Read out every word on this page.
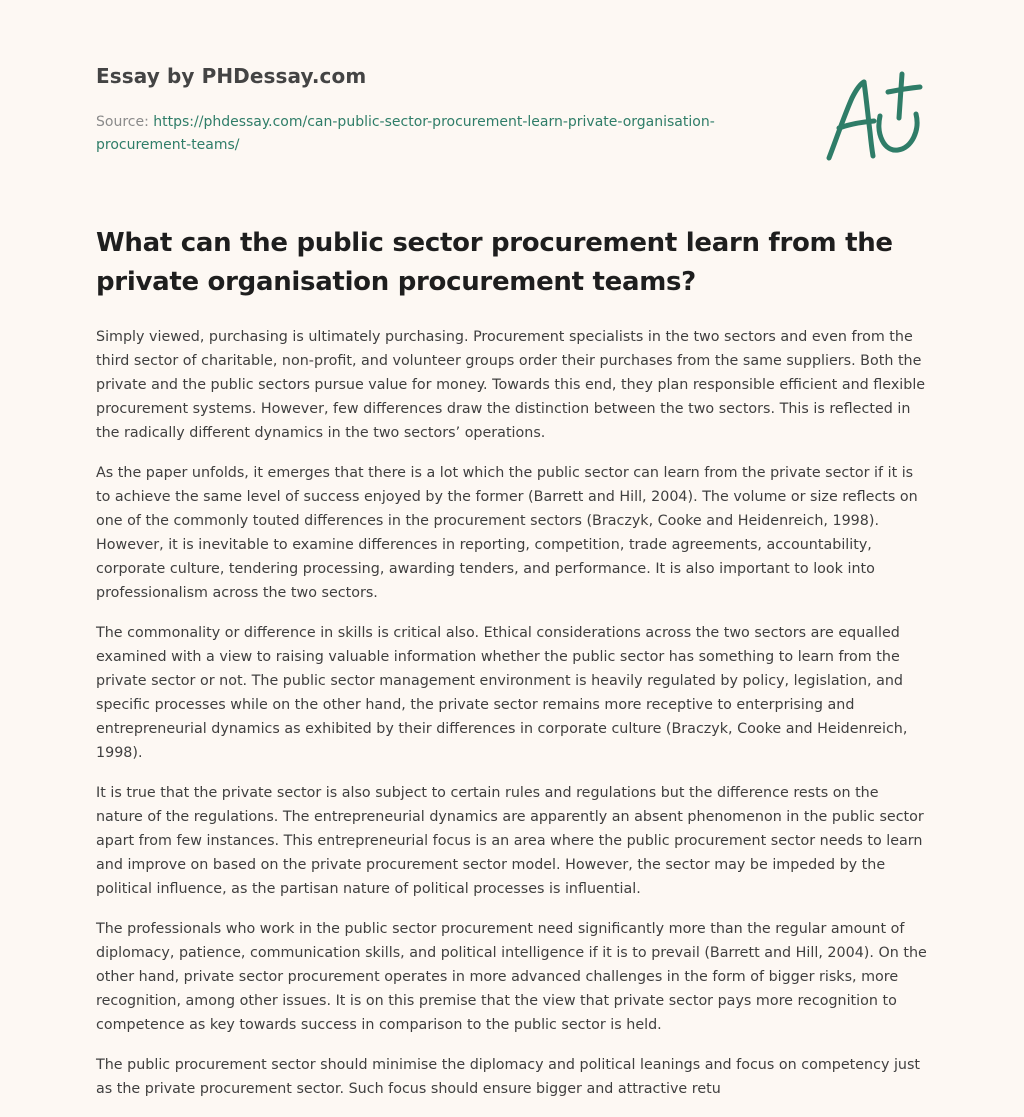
Essay by PHDessay.com

Source: https://phdessay.com/can-public-sector-procurement-learn-private-organisation-procurement-teams/

What can the public sector procurement learn from the private organisation procurement teams?

Simply viewed, purchasing is ultimately purchasing. Procurement specialists in the two sectors and even from the third sector of charitable, non-profit, and volunteer groups order their purchases from the same suppliers. Both the private and the public sectors pursue value for money. Towards this end, they plan responsible efficient and flexible procurement systems. However, few differences draw the distinction between the two sectors. This is reflected in the radically different dynamics in the two sectors’ operations.

As the paper unfolds, it emerges that there is a lot which the public sector can learn from the private sector if it is to achieve the same level of success enjoyed by the former (Barrett and Hill, 2004). The volume or size reflects on one of the commonly touted differences in the procurement sectors (Braczyk, Cooke and Heidenreich, 1998). However, it is inevitable to examine differences in reporting, competition, trade agreements, accountability, corporate culture, tendering processing, awarding tenders, and performance. It is also important to look into professionalism across the two sectors.

The commonality or difference in skills is critical also. Ethical considerations across the two sectors are equalled examined with a view to raising valuable information whether the public sector has something to learn from the private sector or not. The public sector management environment is heavily regulated by policy, legislation, and specific processes while on the other hand, the private sector remains more receptive to enterprising and entrepreneurial dynamics as exhibited by their differences in corporate culture (Braczyk, Cooke and Heidenreich, 1998).

It is true that the private sector is also subject to certain rules and regulations but the difference rests on the nature of the regulations. The entrepreneurial dynamics are apparently an absent phenomenon in the public sector apart from few instances. This entrepreneurial focus is an area where the public procurement sector needs to learn and improve on based on the private procurement sector model. However, the sector may be impeded by the political influence, as the partisan nature of political processes is influential.

The professionals who work in the public sector procurement need significantly more than the regular amount of diplomacy, patience, communication skills, and political intelligence if it is to prevail (Barrett and Hill, 2004). On the other hand, private sector procurement operates in more advanced challenges in the form of bigger risks, more recognition, among other issues. It is on this premise that the view that private sector pays more recognition to competence as key towards success in comparison to the public sector is held.

The public procurement sector should minimise the diplomacy and political leanings and focus on competency just as the private procurement sector. Such focus should ensure bigger and attractive retu
